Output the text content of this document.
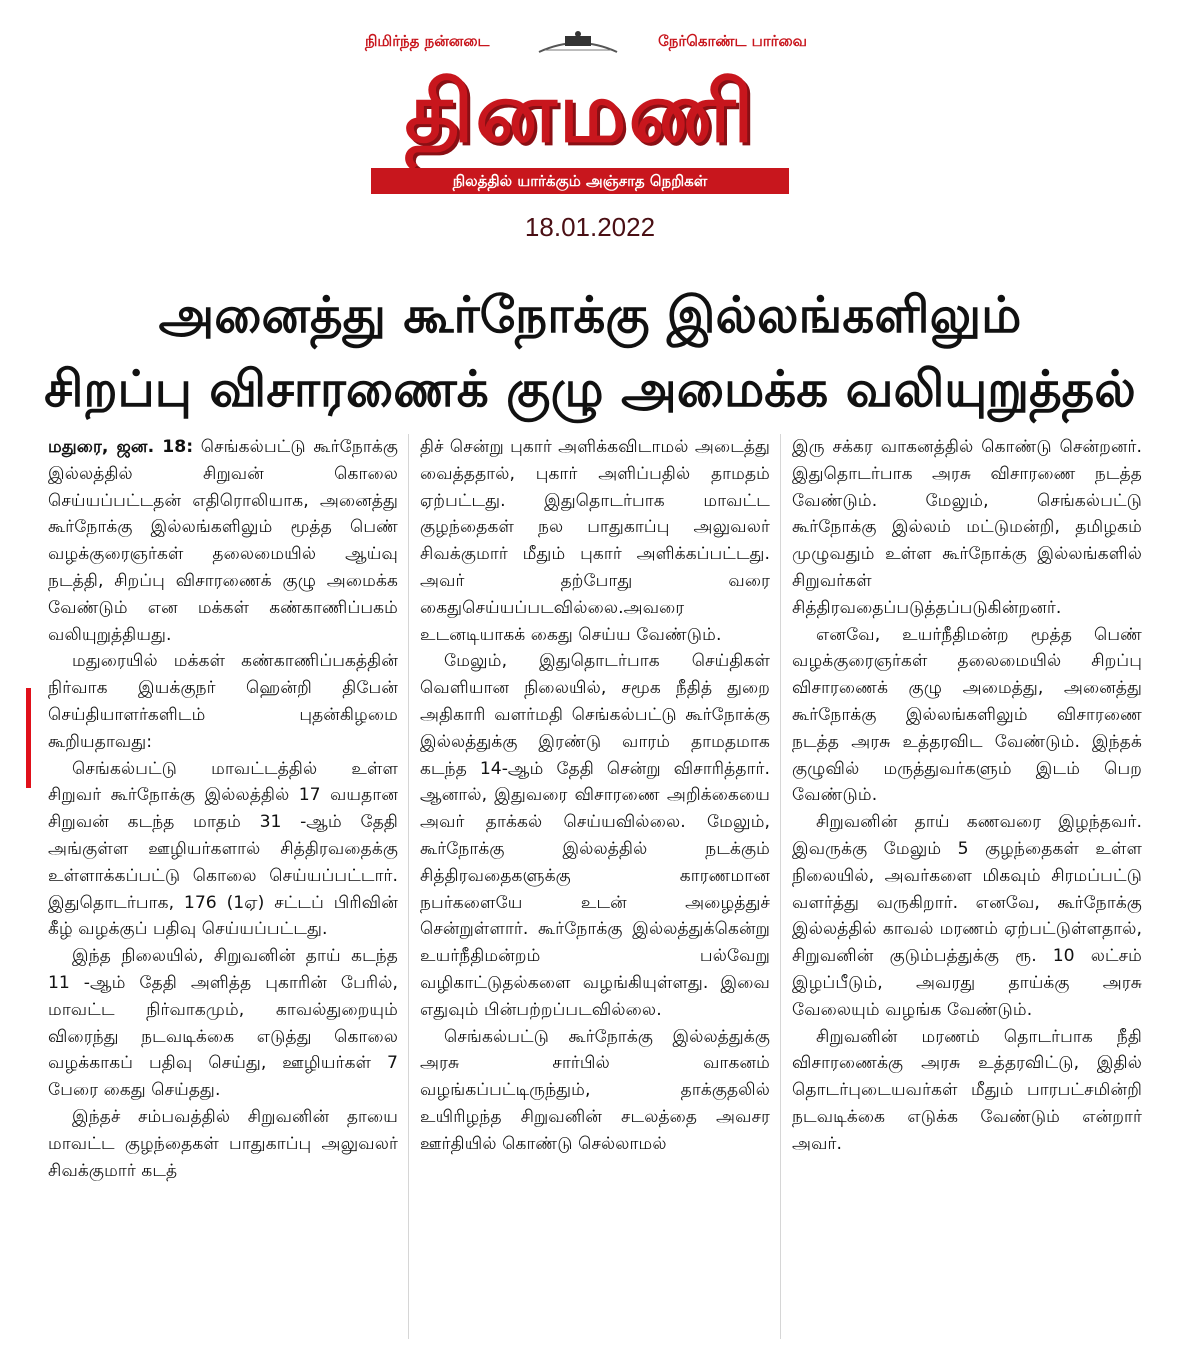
நிமிர்ந்த நன்னடை	நேர்கொண்ட பார்வை
தினமணி
நிலத்தில் யார்க்கும் அஞ்சாத நெறிகள்
18.01.2022
அனைத்து கூர்நோக்கு இல்லங்களிலும்
சிறப்பு விசாரணைக் குழு அமைக்க வலியுறுத்தல்

மதுரை, ஜன. 18: செங்கல்பட்டு கூர்நோக்கு இல்லத்தில் சிறுவன் கொலை செய்யப்பட்டதன் எதிரொலியாக, அனைத்து கூர்நோக்கு இல்லங்களிலும் மூத்த பெண் வழக்குரைஞர்கள் தலைமையில் ஆய்வு நடத்தி, சிறப்பு விசாரணைக் குழு அமைக்க வேண்டும் என மக்கள் கண்காணிப்பகம் வலியுறுத்தியது.

மதுரையில் மக்கள் கண்காணிப்பகத்தின் நிர்வாக இயக்குநர் ஹென்றி திபேன் செய்தியாளர்களிடம் புதன்கிழமை கூறியதாவது:

செங்கல்பட்டு மாவட்டத்தில் உள்ள சிறுவர் கூர்நோக்கு இல்லத்தில் 17 வயதான சிறுவன் கடந்த மாதம் 31 -ஆம் தேதி அங்குள்ள ஊழியர்களால் சித்திரவதைக்கு உள்ளாக்கப்பட்டு கொலை செய்யப்பட்டார். இதுதொடர்பாக, 176 (1ஏ) சட்டப் பிரிவின் கீழ் வழக்குப் பதிவு செய்யப்பட்டது.

இந்த நிலையில், சிறுவனின் தாய் கடந்த 11 -ஆம் தேதி அளித்த புகாரின் பேரில், மாவட்ட நிர்வாகமும், காவல்துறையும் விரைந்து நடவடிக்கை எடுத்து கொலை வழக்காகப் பதிவு செய்து, ஊழியர்கள் 7 பேரை கைது செய்தது.

இந்தச் சம்பவத்தில் சிறுவனின் தாயை மாவட்ட குழந்தைகள் பாதுகாப்பு அலுவலர் சிவக்குமார் கடத்

திச் சென்று புகார் அளிக்கவிடாமல் அடைத்து வைத்ததால், புகார் அளிப்பதில் தாமதம் ஏற்பட்டது. இதுதொடர்பாக மாவட்ட குழந்தைகள் நல பாதுகாப்பு அலுவலர் சிவக்குமார் மீதும் புகார் அளிக்கப்பட்டது. அவர் தற்போது வரை கைதுசெய்யப்படவில்லை.அவரை உடனடியாகக் கைது செய்ய வேண்டும்.

மேலும், இதுதொடர்பாக செய்திகள் வெளியான நிலையில், சமூக நீதித் துறை அதிகாரி வளர்மதி செங்கல்பட்டு கூர்நோக்கு இல்லத்துக்கு இரண்டு வாரம் தாமதமாக கடந்த 14-ஆம் தேதி சென்று விசாரித்தார். ஆனால், இதுவரை விசாரணை அறிக்கையை அவர் தாக்கல் செய்யவில்லை. மேலும், கூர்நோக்கு இல்லத்தில் நடக்கும் சித்திரவதைகளுக்கு காரணமான நபர்களையே உடன் அழைத்துச் சென்றுள்ளார். கூர்நோக்கு இல்லத்துக்கென்று உயர்நீதிமன்றம் பல்வேறு வழிகாட்டுதல்களை வழங்கியுள்ளது. இவை எதுவும் பின்பற்றப்படவில்லை.

செங்கல்பட்டு கூர்நோக்கு இல்லத்துக்கு அரசு சார்பில் வாகனம் வழங்கப்பட்டிருந்தும், தாக்குதலில் உயிரிழந்த சிறுவனின் சடலத்தை அவசர ஊர்தியில் கொண்டு செல்லாமல்

இரு சக்கர வாகனத்தில் கொண்டு சென்றனர். இதுதொடர்பாக அரசு விசாரணை நடத்த வேண்டும். மேலும், செங்கல்பட்டு கூர்நோக்கு இல்லம் மட்டுமன்றி, தமிழகம் முழுவதும் உள்ள கூர்நோக்கு இல்லங்களில் சிறுவர்கள் சித்திரவதைப்படுத்தப்படுகின்றனர்.

எனவே, உயர்நீதிமன்ற மூத்த பெண் வழக்குரைஞர்கள் தலைமையில் சிறப்பு விசாரணைக் குழு அமைத்து, அனைத்து கூர்நோக்கு இல்லங்களிலும் விசாரணை நடத்த அரசு உத்தரவிட வேண்டும். இந்தக் குழுவில் மருத்துவர்களும் இடம் பெற வேண்டும்.

சிறுவனின் தாய் கணவரை இழந்தவர். இவருக்கு மேலும் 5 குழந்தைகள் உள்ள நிலையில், அவர்களை மிகவும் சிரமப்பட்டு வளர்த்து வருகிறார். எனவே, கூர்நோக்கு இல்லத்தில் காவல் மரணம் ஏற்பட்டுள்ளதால், சிறுவனின் குடும்பத்துக்கு ரூ. 10 லட்சம் இழப்பீடும், அவரது தாய்க்கு அரசு வேலையும் வழங்க வேண்டும்.

சிறுவனின் மரணம் தொடர்பாக நீதி விசாரணைக்கு அரசு உத்தரவிட்டு, இதில் தொடர்புடையவர்கள் மீதும் பாரபட்சமின்றி நடவடிக்கை எடுக்க வேண்டும் என்றார் அவர்.
